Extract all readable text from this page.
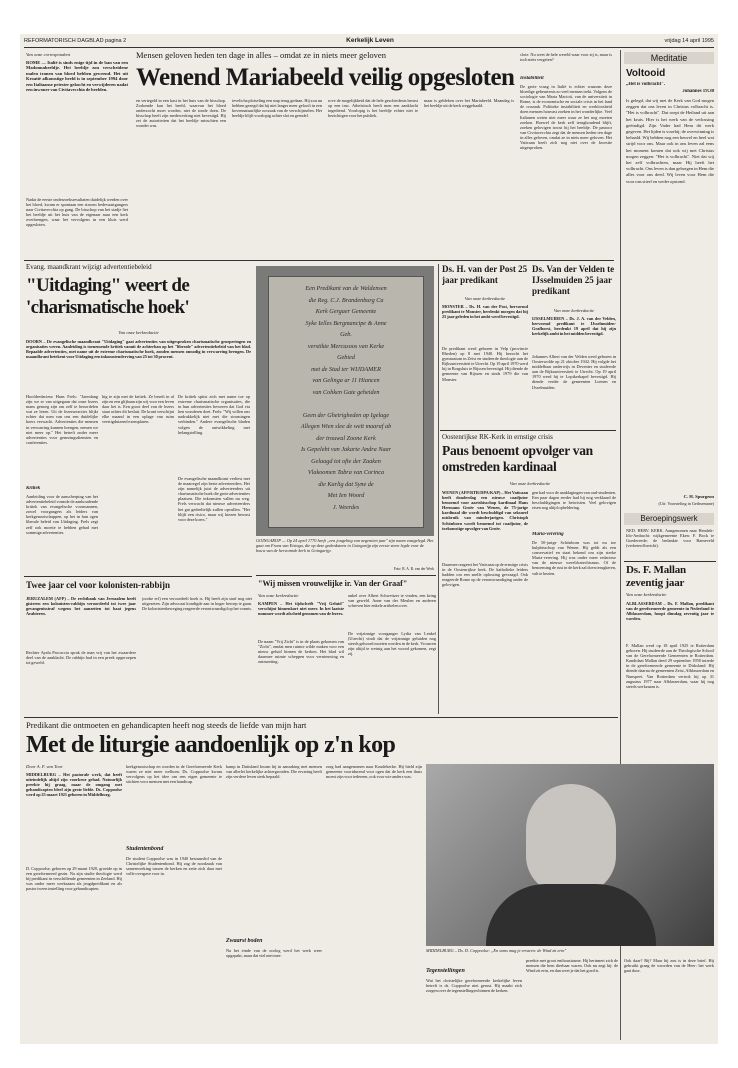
REFORMATORISCH DAGBLAD pagina 2	Kerkelijk Leven	vrijdag 14 april 1995
Van onze correspondent
ROME — Italië is sinds enige tijd in de ban van een Madonnabeeldje. Het beeldje zou verscheidene malen tranen van bloed hebben geweend. Het uit Kroatië afkomstige beeld is in september 1994 door een Italiaanse priester gekocht en verwijderen nadat een inwoner van Civitavecchia de beelden.
Nadat de eerste onderzoeksresultaten duidelijk werden over het bloed, kwam er spontaan een stroom bedevaartgangers naar Civitavecchia op gang. De bisschop van het stadje liet het beeldje uit het huis van de eigenaar naar een kerk overbrengen, waar het vervolgens in een kluis werd opgesloten.
Mensen geloven heden ten dage in alles – omdat ze in niets meer geloven
Wenend Mariabeeld veilig opgesloten
en vertegeld in een kast in het huis van de bisschop. Zodoende kan het beeld, waarvan het bloed onderzocht moet worden, niet de tonde doen. De bisschop heeft zijn medewerking niet bevestigd. Hij zei de autoriteiten dat het beeldje misschien een wonder was.
tevelicha plotseling een stap terug gedaan. Hij zou nu hebben gezegd dat hij niet langer meer gelooft in een bovennatuurlijke oorzaak van de verschijnselen. Het beeldje blijft voorlopig achter slot en grendel.
rove de mogelijkheid dat de hele geschiedenis berust op een truc. Atheïstisch heeft men een aanklacht ingediend. Voorlopig is het beeldje echter niet te bezichtigen voor het publiek.
maar is gebleken over het Mariabeeld. Maandag is het beeldje uit de kerk weggehaald.
cloie. Nu weet de hele wereld waar voor zij is, maar is toch niets vergeten?
Instabiliteit
De grote vraag in Italië is echter waarom deze bloedige gebeurtenis zo veel mensen trekt. Volgens de sociologie van Maria Macioti, van de universiteit in Rome, is de economische en sociale crisis in het land de oorzaak. Politieke instabiliteit en werkloosheid doen mensen houvast zoeken in het wonderlijke. Veel Italianen weten niet meer waar ze het nog moeten zoeken. Hoewel de kerk zelf terughoudend blijft, zoeken gelovigen troost bij het beeldje. De pastoor van Civitavecchia zegt dat de mensen heden ten dage in alles geloven, omdat ze in niets meer geloven. Het Vaticaan heeft zich nog niet over de kwestie uitgesproken.
Evang. maandkrant wijzigt advertentiebeleid
"Uitdaging" weert de 'charismatische hoek'
Van onze kerkredactie
DOORN – De evangelische maandkrant "Uitdaging" gaat advertenties van uitgesproken charismatische groeperingen en organisaties weren. Aanleiding is toenemende kritiek vanuit de achterban op het "libreale" advertentiebeleid van het blad. Bepaalde advertenties, met name uit de extreme charismatische hoek, zonden mensen onnodig in verwarring brengen. De maandkrant betekent voor Uitdaging een inkomstenderving van 25 tot 30 procent.
Hoofdredacteur Hans Frels: "Jarenlang zijn we er van uitgegaan dat onze lezers mans genoeg zijn om zelf te beoordelen wat ze lezen. Uit de lezersreacties blijkt echter dat men van ons een duidelijke koers verwacht. Advertenties die mensen in verwarring kunnen brengen, nemen we niet meer op." Het betreft onder meer advertenties voor genezingsdiensten en conferenties.
Kritiek
Aanleiding voor de aanscherping van het advertentiebeleid vormde de aanhoudende kritiek van evangelische voormannen, zowel voorgangers als leiders van kerkgenootschappen, op het in hun ogen liberale beleid van Uitdaging. Frels zegt zelf ook moeite te hebben gehad met sommige advertenties.
hig te zijn met de kritiek. Ze beseft in al zijn en een glijbaan zijn wij voor een leven daar het is. Een groot deel van de lezers staat achter dit besluit. De krant verschijnt elke maand in een oplage van ruim veertigduizend exemplaren.
De kritiek spitst zich met name toe op extreme charismatische organisaties, die in hun advertenties beweren dat God via hen wonderen doet. Frels: "Wij willen ons nadrukkelijk niet met die stromingen verbinden." Andere evangelische bladen volgen de ontwikkeling met belangstelling.
De evangelische maandkrant verliest met de maatregel zijn beste adverteerders. Het zijn namelijk juist de adverteerders uit charismatische hoek die grote advertenties plaatsen. Die inkomsten vallen nu weg. Frels verwacht dat nieuwe adverteerders het gat gedeeltelijk zullen opvullen. "Het blijft een risico, maar wij kiezen bewust voor deze koers."
Een Predikant van de Waldensen
die Reg. C.J. Brandenburg Ca
Kerk Gergaer Gemeente
Syke Ielles Bergmancipe & Anne
Geb.
verstikte Mercusoos van Kerke
Gebied
met de Stad ter WIJDAMER
van Gelinga ar 11 Hiancen
van Cohken Gate geheiden
Geen der Gheirigheden ap Igelage
Allegen Wien slee de weit maaraf ab
der trouwal Zoone Kerk
Is Gepelebt van Jakarte Andra Naar
Gelaagd tot ofte der Zaaken
Vlakoomen Tabra van Corinca
die Karlig dat Syne de
Met Ien Woord
J. Weerdes
GOINGARIJP — Op 24 april 1770 heeft „een jongeling van negentien jaar" zijn naam vastgelegd. Het gaat om Frans van Eisinga, die op deze gedenksteen in Goingarijp zijn eerste steen legde voor de bouw van de hervormde kerk in Goingarijp.
Foto: R. A. R. van der Werk
"Wij missen vrouwelijke ir. Van der Graaf"
Van onze kerkredactie
KAMPEN – Het tijdschrift "Vrij Geluid" verschijnt binnenkort niet meer. In het laatste nummer wordt afscheid genomen van de lezers.
De naam "Vrij Zicht" is in de plaats gekomen van "Zicht", omdat men ruimte wilde maken voor een nieuw geluid binnen de kerken. Het blad wil daarmee ruimte scheppen voor vernieuwing en ontmoeting.
ankel over Albert Schweitzer te vinden, een kring van geweld. Anne van der Meulen en anderen schreven hier enkele artikelen over.
De vrijzinnige voorganger Lydia van Lenkel (Utrecht) vindt dat de vrijzinnige geluiden nog steeds gehoord moeten worden in de kerk. Vrouwen zijn altijd te weinig aan het woord gekomen, zegt zij.
Ds. H. van der Post 25 jaar predikant
Van onze kerkredactie
MONSTER – Ds. H. van der Post, hervormd predikant te Monster, herdenkt morgen dat hij 25 jaar geleden in het ambt werd bevestigd.
De predikant werd geboren in Velp (provincie Rheden) op 8 mei 1940. Hij bezocht het gymnasium in Zeist en studeerde theologie aan de Rijksuniversiteit te Utrecht. Op 19 april 1970 werd hij in Borgsluis te Rijssen bevestigd. Hij diende de gemeente van Rijssen en sinds 1979 die van Monster.
Ds. Van der Velden te IJsselmuiden 25 jaar predikant
Van onze kerkredactie
IJSSELMUIDEN – Ds. J. A. van der Velden, hervormd predikant te IJsselmuiden-Grafhorst, herdenkt 19 april dat hij zijn kerkelijk ambt in het midden bevestigd.
Johannes Albert van der Velden werd geboren in Oosterwolde op 21 oktober 1942. Hij volgde het middelbaar onderwijs in Deventer en studeerde aan de Rijksuniversiteit te Utrecht. Op 19 april 1970 werd hij te Lopikerkapel bevestigd. Hij diende verder de gemeenten Loenen en IJsselmuiden.
Oostenrijkse RK-Kerk in ernstige crisis
Paus benoemt opvolger van omstreden kardinaal
Van onze kerkredactie
WENEN (AFP/RTR/DPA/KAP) – Het Vaticaan heeft donderdag een nieuwe coadjutor benoemd voor aartsbisschop kardinaal Hans Hermann Groër van Wenen, de 75-jarige kardinaal die wordt beschuldigd van seksueel misbruik van minderjarigen. Christoph Schönborn wordt benoemd tot coadjutor, de toekomstige opvolger van Groër.
Daarmee reageert het Vaticaan op de ernstige crisis in de Oostenrijkse kerk. De katholieke leiders hadden om een snelle oplossing gevraagd. Ook reageerde Rome op de verontwaardiging onder de gelovigen.
gen had voor de aanklagingen van oud-studenten. Een paar dagen eerder had hij nog verklaard de beschuldigingen te betwisten. Veel gelovigen eisen nog altijd opheldering.
Maria-verering
De 50-jarige Schönborn was tot nu toe hulpbisschop van Wenen. Hij geldt als een conservatief en staat bekend om zijn sterke Maria-verering. Hij was onder meer redacteur van de nieuwe wereldcatechismus. Of de benoeming de rust in de kerk zal doen terugkeren, valt te bezien.
Twee jaar cel voor kolonisten-rabbijn
JERUZALEM (AFP) – De rechtbank van Jeruzalem heeft gisteren een kolonisten-rabbijn veroordeeld tot twee jaar gevangenisstraf wegens het aanzetten tot haat jegens Arabieren.
Rechter Ayala Procaccia sprak de man vrij van het zwaardere deel van de aanklacht. De rabbijn had in een preek opgeroepen tot geweld.
joodse erf) een veroordeelt hoek is. Hij heeft zijn straf nog niet uitgezeten. Zijn advocaat kondigde aan in hoger beroep te gaan. De kolonistenbeweging reageerde verontwaardigd op het vonnis.
Meditatie
Voltooid
„Het is volbracht".
Johannes 19:30
Is gelegd, dat wij met de Kerk van God mogen zeggen dat ons leven in Christus volbracht is. "Het is volbracht". Dat roept de Heiland uit aan het kruis. Hier is het werk van de verlossing geëindigd. Zijn Vader had Hem dit werk gegeven. Het lijden is voorbij; de overwinning is behaald. Wij hebben nog een heuvel en heel wat strijd voor ons. Maar ook in ons leven zal eens het moment komen dat ook wij met Christus mogen zeggen: "Het is volbracht". Niet dat wij het zelf volbrachten, maar Hij heeft het volbracht. Ons leven is dan geborgen in Hem die alles voor ons deed. Wij leven voor Hem die voor ons stierf en weder opstond.
C. H. Spurgeon
(Uit: Voorsteling in Gethsemane)
Beroepingswerk
NED. HERV. KERK. Aangenomen naar Hendrik-Ido-Ambacht: wijkgemeente Eken: F. Bock te Goedereede; de bedankte voor Barneveld (verbeterd bericht).
Ds. F. Mallan zeventig jaar
Van onze kerkredactie
ALBLASSERDAM – Ds. F. Mallan, predikant van de gereformeerde gemeente in Nederland te Alblasserdam, hoopt dinsdag zeventig jaar te worden.
F. Mallan werd op 18 april 1925 te Rotterdam geboren. Hij studeerde aan de Theologische School van de Gereformeerde Gemeenten te Rotterdam. Kandidaat Mallan deed 29 september 1958 intrede in de gereformeerde gemeente te Dirksland. Hij diende daarna de gemeenten Zeist, Alblasserdam en Nunspeet. Van Rotterdam vertrok hij op 31 augustus 1977 naar Alblasserdam, waar hij nog steeds werkzaam is.
Predikant die ontmoeten en gehandicapten heeft nog steeds de liefde van mijn hart
Met de liturgie aandoenlijk op z'n kop
Door A. F. van Toor
MIDDELBURG – Het pastorale werk, dat heeft uiteindelijk altijd zijn voorkeur gehad. Natuurlijk preekte hij graag, maar de omgang met gehandicapten bleef zijn grote liefde. Ds. Coppoolse werd op 25 maart 1921 geboren in Middelburg.
D. Coppoolse, geboren op 29 maart 1920, groeide op in een gereformeerd gezin. Na zijn studie theologie werd hij predikant in verschillende gemeenten in Zeeland. Hij was onder meer werkzaam als jeugdpredikant en als pastor in een instelling voor gehandicapten.
kerkgenootschap en worden in de Gereformeerde Kerk waren ze niet meer welkom. Ds. Coppoolse kwam vervolgens op het idee om een eigen gemeente te stichten voor mensen met een handicap.
Studentenbond
De student Coppoolse was in 1940 bestuurslid van de Christelijke Studentenbond. Hij zag de noodzaak van samenwerking tussen de kerken en zette zich daar met volle overgave voor in.
kamp in Duitsland kwam hij in aanraking met mensen van allerlei kerkelijke achtergronden. Die ervaring heeft zijn verdere leven sterk bepaald.
Zwaarst boden
Na het einde van de oorlog werd het werk weer opgepakt, maar dat viel niet mee.
zorg had aangenomen naar Koudekerke. Hij hield zijn gemeente voortdurend voor ogen dat de kerk een thuis moest zijn voor iedereen, ook voor wie anders was.
MIDDELBURG – Ds. D. Coppoolse: „En soms mag je ervaren: de Wind zit erin"
Tegenstellingen
Wat het christelijke gereformeerde kerkelijke leven betreft is ds. Coppoolse niet gerust. Hij maakt zich zorgen over de tegenstellingen binnen de kerken.
preekte met groot enthousiasme. Hij herinnert zich de mensen die hem dierbaar waren. Ook nu zegt hij: de Wind zit erin, en dan weet je dat het goed is.
Ook daar? Bij? Maar hij zou is in deze brief. Hij gebruikt graag de woorden van de Heer: het werk gaat door.
